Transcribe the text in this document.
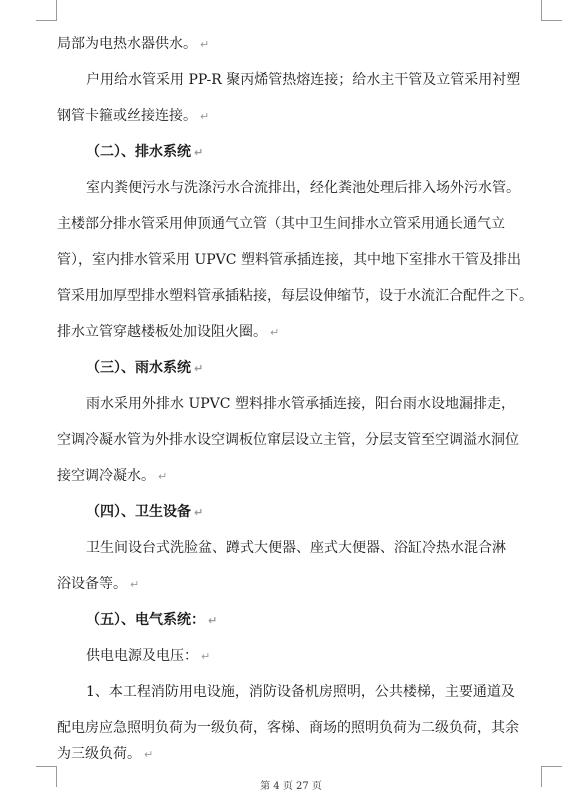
局部为电热水器供水。 ↵
户用给水管采用 PP-R 聚丙烯管热熔连接；给水主干管及立管采用衬塑
钢管卡箍或丝接连接。 ↵
（二）、排水系统 ↵
室内粪便污水与洗涤污水合流排出，经化粪池处理后排入场外污水管。
主楼部分排水管采用伸顶通气立管（其中卫生间排水立管采用通长通气立
管），室内排水管采用 UPVC 塑料管承插连接，其中地下室排水干管及排出
管采用加厚型排水塑料管承插粘接，每层设伸缩节，设于水流汇合配件之下。
排水立管穿越楼板处加设阻火圈。 ↵
（三）、雨水系统 ↵
雨水采用外排水 UPVC 塑料排水管承插连接，阳台雨水设地漏排走，
空调冷凝水管为外排水设空调板位窜层设立主管，分层支管至空调溢水洞位
接空调冷凝水。 ↵
（四）、卫生设备 ↵
卫生间设台式洗脸盆、蹲式大便器、座式大便器、浴缸冷热水混合淋
浴设备等。 ↵
（五）、电气系统： ↵
供电电源及电压： ↵
1、本工程消防用电设施，消防设备机房照明，公共楼梯，主要通道及
配电房应急照明负荷为一级负荷，客梯、商场的照明负荷为二级负荷，其余
为三级负荷。 ↵
第 4 页 27 页
